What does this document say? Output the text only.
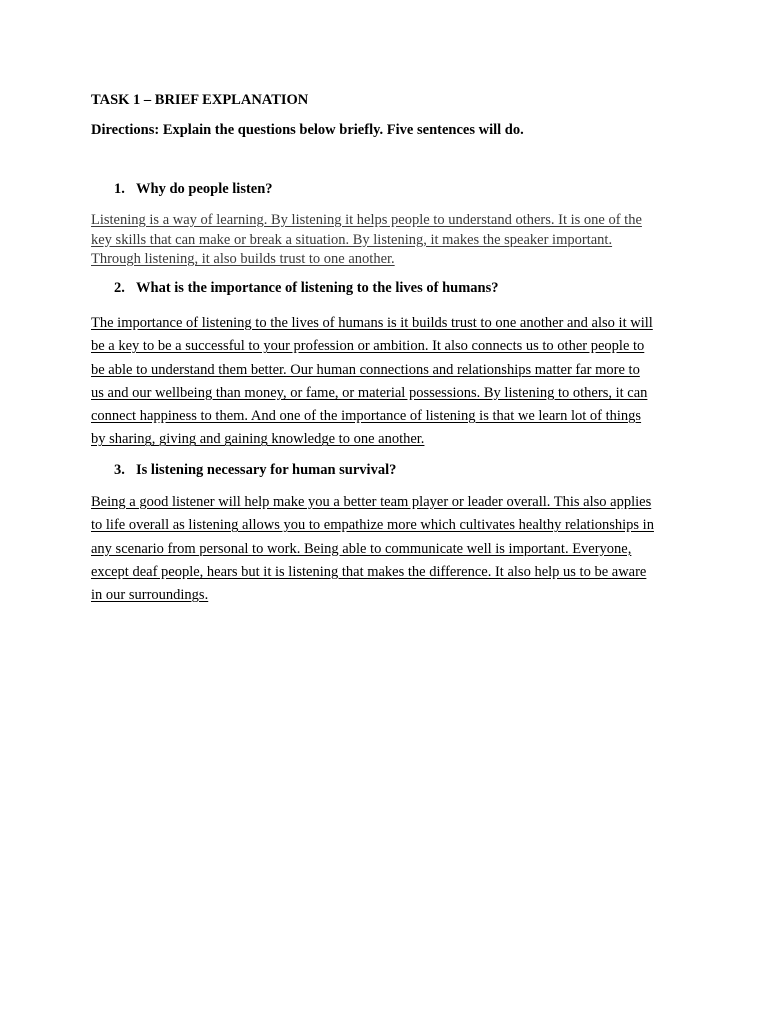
TASK 1 – BRIEF EXPLANATION
Directions: Explain the questions below briefly. Five sentences will do.
1. Why do people listen?
Listening is a way of learning. By listening it helps people to understand others. It is one of the
key skills that can make or break a situation. By listening, it makes the speaker important.
Through listening, it also builds trust to one another.
2. What is the importance of listening to the lives of humans?
The importance of listening to the lives of humans is it builds trust to one another and also it will
be a key to be a successful to your profession or ambition. It also connects us to other people to
be able to understand them better. Our human connections and relationships matter far more to
us and our wellbeing than money, or fame, or material possessions. By listening to others, it can
connect happiness to them. And one of the importance of listening is that we learn lot of things
by sharing, giving and gaining knowledge to one another.
3. Is listening necessary for human survival?
Being a good listener will help make you a better team player or leader overall. This also applies
to life overall as listening allows you to empathize more which cultivates healthy relationships in
any scenario from personal to work. Being able to communicate well is important. Everyone,
except deaf people, hears but it is listening that makes the difference. It also help us to be aware
in our surroundings.
